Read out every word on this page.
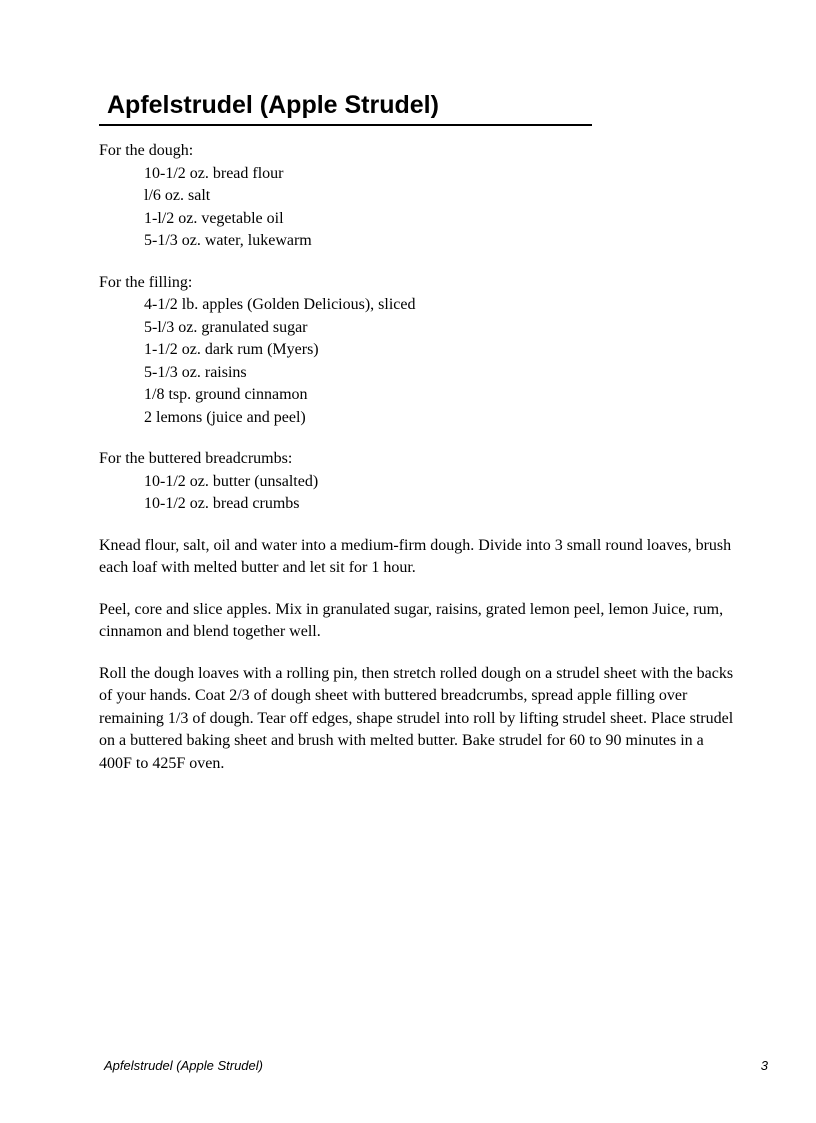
Apfelstrudel (Apple Strudel)

For the dough:

10-1/2 oz. bread flour
l/6 oz. salt
1-l/2 oz. vegetable oil
5-1/3 oz. water, lukewarm

For the filling:

4-1/2 lb. apples (Golden Delicious), sliced
5-l/3 oz. granulated sugar
1-1/2 oz. dark rum (Myers)
5-1/3 oz. raisins
1/8 tsp. ground cinnamon
2 lemons (juice and peel)

For the buttered breadcrumbs:

10-1/2 oz. butter (unsalted)
10-1/2 oz. bread crumbs

Knead flour, salt, oil and water into a medium-firm dough. Divide into 3 small round loaves, brush each loaf with melted butter and let sit for 1 hour.

Peel, core and slice apples. Mix in granulated sugar, raisins, grated lemon peel, lemon Juice, rum, cinnamon and blend together well.

Roll the dough loaves with a rolling pin, then stretch rolled dough on a strudel sheet with the backs of your hands. Coat 2/3 of dough sheet with buttered breadcrumbs, spread apple filling over remaining 1/3 of dough. Tear off edges, shape strudel into roll by lifting strudel sheet. Place strudel on a buttered baking sheet and brush with melted butter. Bake strudel for 60 to 90 minutes in a 400F to 425F oven.

Apfelstrudel (Apple Strudel)	3
